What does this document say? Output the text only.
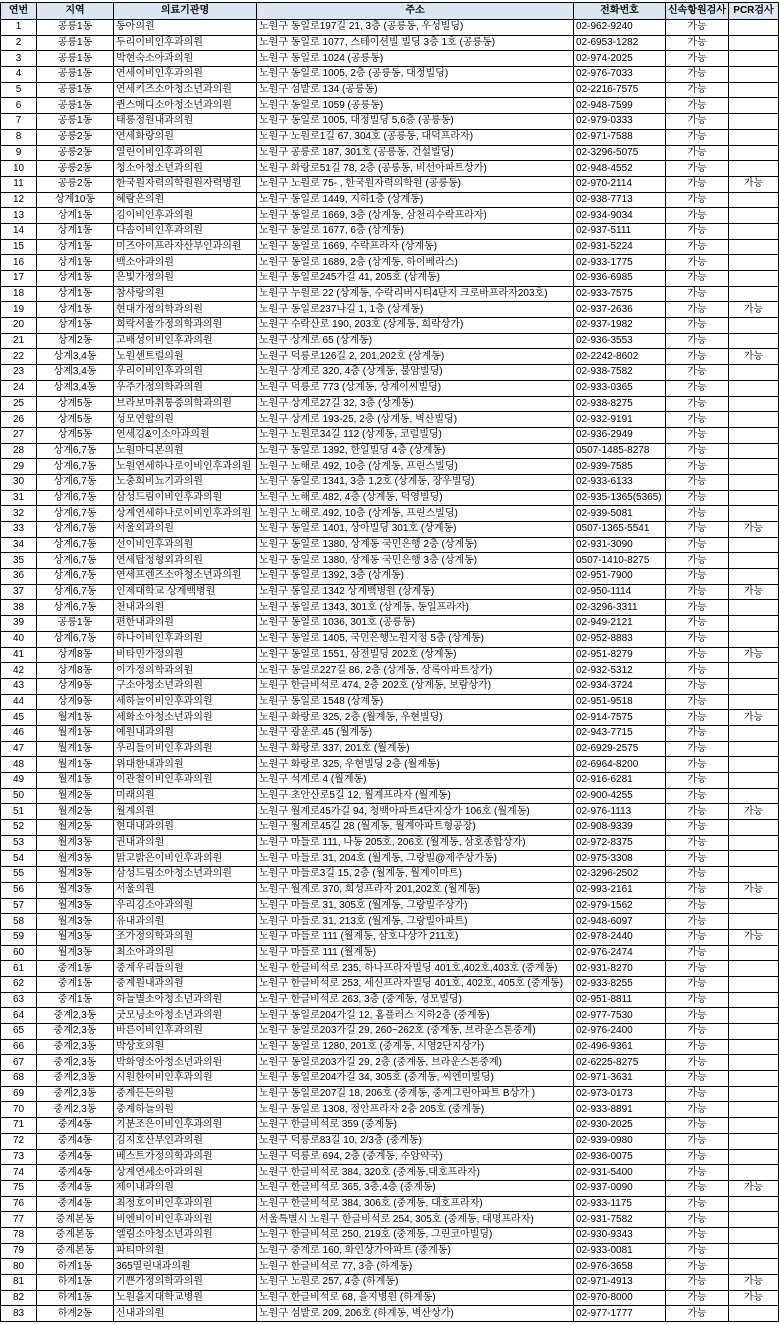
연번	지역	의료기관명	주소	전화번호	신속항원검사	PCR검사
1	공릉1동	동아의원	노원구 동일로197길 21, 3층 (공릉동, 우성빌딩)	02-962-9240	가능	
2	공릉1동	두리이비인후과의원	노원구 동일로 1077, 스테이션빌 빌딩 3층 1호 (공릉동)	02-6953-1282	가능	
3	공릉1동	박현숙소아과의원	노원구 동일로 1024 (공릉동)	02-974-2025	가능	
4	공릉1동	연세이비인후과의원	노원구 동일로 1005, 2층 (공릉동, 대정빌딩)	02-976-7033	가능	
5	공릉1동	연세키즈소아청소년과의원	노원구 섬밭로 134 (공릉동)	02-2216-7575	가능	
6	공릉1동	퀸스메디소아청소년과의원	노원구 동일로 1059 (공릉동)	02-948-7599	가능	
7	공릉1동	태릉정원내과의원	노원구 동일로 1005, 대정빌딩 5,6층 (공릉동)	02-979-0333	가능	
8	공릉2동	연세화랑의원	노원구 노원로1길 67, 304호 (공릉동, 대덕프라자)	02-971-7588	가능	
9	공릉2동	열린이비인후과의원	노원구 공릉로 187, 301호 (공릉동, 건설빌딩)	02-3296-5075	가능	
10	공릉2동	청소아청소년과의원	노원구 화랑로51길 78, 2층 (공릉동, 비선아파트상가)	02-948-4552	가능	
11	공릉2동	한국원자력의학원원자력병원	노원구 노원로 75- , 한국원자력의학원 (공릉동)	02-970-2114	가능	가능
12	상계10동	혜람은의원	노원구 동일로 1449, 지하1층 (상계동)	02-938-7713	가능	
13	상계1동	김이비인후과의원	노원구 동일로 1669, 3층 (상계동, 삼천리수락프라자)	02-934-9034	가능	
14	상계1동	다솜이비인후과의원	노원구 동일로 1677, 6층 (상계동)	02-937-5111	가능	
15	상계1동	미즈아이프라자산부인과의원	노원구 동일로 1669, 수락프라자 (상계동)	02-931-5224	가능	
16	상계1동	백소아과의원	노원구 동일로 1689, 2층 (상계동, 하이베라스)	02-933-1775	가능	
17	상계1동	은빛가정의원	노원구 동일로245가길 41, 205호 (상계동)	02-936-6985	가능	
18	상계1동	참사랑의원	노원구 누원로 22 (상계동, 수락리버시티4단지 크로바프라자203호)	02-933-7575	가능	
19	상계1동	현대가정의학과의원	노원구 동일로237나길 1, 1층 (상계동)	02-937-2636	가능	가능
20	상계1동	희락서울가정의학과의원	노원구 수락산로 190, 203호 (상계동, 희락상가)	02-937-1982	가능	
21	상계2동	고배성이비인후과의원	노원구 상계로 65 (상계동)	02-936-3553	가능	
22	상계3,4동	노원센트럴의원	노원구 덕릉로126길 2, 201,202호 (상계동)	02-2242-8602	가능	가능
23	상계3,4동	우리이비인후과의원	노원구 상계로 320, 4층 (상계동, 불암빌딩)	02-938-7582	가능	
24	상계3,4동	우주가정의학과의원	노원구 덕릉로 773 (상계동, 상계이씨빌딩)	02-933-0365	가능	
25	상계5동	브라보마취통증의학과의원	노원구 상계로27길 32, 3층 (상계동)	02-938-8275	가능	
26	상계5동	성모연합의원	노원구 상계로 193-25, 2층 (상계동, 벽산빌딩)	02-932-9191	가능	
27	상계5동	연세김&이소아과의원	노원구 노원로34길 112 (상계동, 코럴빌딩)	02-936-2949	가능	
28	상계6,7동	노원마디본의원	노원구 동일로 1392, 한일빌딩 4층 (상계동)	0507-1485-8278	가능	
29	상계6,7동	노원연세하나로이비인후과의원	노원구 노해로 492, 10층 (상계동, 프린스빌딩)	02-939-7585	가능	
30	상계6,7동	노충희비뇨기과의원	노원구 동일로 1341, 3층 1,2호 (상계동, 장우빌딩)	02-933-6133	가능	
31	상계6,7동	삼성드림이비인후과의원	노원구 노해로 482, 4층 (상계동, 덕영빌딩)	02-935-1365(5365)	가능	
32	상계6,7동	상계연세하나로이비인후과의원	노원구 노해로 492, 10층 (상계동, 프린스빌딩)	02-939-5081	가능	
33	상계6,7동	서울외과의원	노원구 동일로 1401, 상아빌딩 301호 (상계동)	0507-1365-5541	가능	가능
34	상계6,7동	선이비인후과의원	노원구 동일로 1380, 상계동 국민은행 2층 (상계동)	02-931-3090	가능	
35	상계6,7동	연세탑정형외과의원	노원구 동일로 1380, 상계동 국민은행 3층 (상계동)	0507-1410-8275	가능	
36	상계6,7동	연세프렌즈소아청소년과의원	노원구 동일로 1392, 3층 (상계동)	02-951-7900	가능	
37	상계6,7동	인제대학교 상계백병원	노원구 동일로 1342 상계백병원 (상계동)	02-950-1114	가능	가능
38	상계6,7동	천내과의원	노원구 동일로 1343, 301호 (상계동, 동일프라자)	02-3296-3311	가능	
39	공릉1동	편한내과의원	노원구 동일로 1036, 301호 (공릉동)	02-949-2121	가능	
40	상계6,7동	하나이비인후과의원	노원구 동일로 1405, 국민은행노원지점 5층 (상계동)	02-952-8883	가능	
41	상계8동	비타민가정의원	노원구 동일로 1551, 삼전빌딩 202호 (상계동)	02-951-8279	가능	가능
42	상계8동	이가정의학과의원	노원구 동일로227길 86, 2층 (상계동, 상록아파트상가)	02-932-5312	가능	
43	상계9동	구소아청소년과의원	노원구 한글비석로 474, 2층 202호 (상계동, 보람상가)	02-934-3724	가능	
44	상계9동	세하늘이비인후과의원	노원구 동일로 1548 (상계동)	02-951-9518	가능	
45	월계1동	세화소아청소년과의원	노원구 화랑로 325, 2층 (월계동, 우현빌딩)	02-914-7575	가능	가능
46	월계1동	예원내과의원	노원구 광운로 45 (월계동)	02-943-7715	가능	
47	월계1동	우리들이비인후과의원	노원구 화랑로 337, 201호 (월계동)	02-6929-2575	가능	
48	월계1동	위대한내과의원	노원구 화랑로 325, 우현빌딩 2층 (월계동)	02-6964-8200	가능	
49	월계1동	이관철이비인후과의원	노원구 석계로 4 (월계동)	02-916-6281	가능	
50	월계2동	미래의원	노원구 초안산로5길 12, 월계프라자 (월계동)	02-900-4255	가능	
51	월계2동	월계의원	노원구 월계로45가길 94, 청백아파트4단지상가 106호 (월계동)	02-976-1113	가능	가능
52	월계2동	현대내과의원	노원구 월계로45길 28 (월계동, 월계아파트형공장)	02-908-9339	가능	
53	월계3동	권내과의원	노원구 마들로 111, 나동 205호, 206호 (월계동, 삼호종합상가)	02-972-8375	가능	
54	월계3동	맑고밝은이비인후과의원	노원구 마들로 31, 204호 (월계동, 그랑빌@제주상가동)	02-975-3308	가능	
55	월계3동	삼성드림소아청소년과의원	노원구 마들로3길 15, 2층 (월계동, 월계이마트)	02-3296-2502	가능	
56	월계3동	서울의원	노원구 월계로 370, 희성프라자 201,202호 (월계동)	02-993-2161	가능	가능
57	월계3동	우리김소아과의원	노원구 마들로 31, 305호 (월계동, 그랑빌주상가)	02-979-1562	가능	
58	월계3동	유내과의원	노원구 마들로 31, 213호 (월계동, 그랑빌아파트)	02-948-6097	가능	
59	월계3동	조가정의학과의원	노원구 마들로 111 (월계동, 삼호나상가 211호)	02-978-2440	가능	가능
60	월계3동	최소아과의원	노원구 마들로 111 (월계동)	02-976-2474	가능	
61	중계1동	중계우리들의원	노원구 한글비석로 235, 하나프라자빌딩 401호,402호,403호 (중계동)	02-931-8270	가능	
62	중계1동	중계원내과의원	노원구 한글비석로 253, 세신프라자빌딩 401호, 402호, 405호 (중계동)	02-933-8255	가능	
63	중계1동	하늘별소아청소년과의원	노원구 한글비석로 263, 3층 (중계동, 성모빌딩)	02-951-8811	가능	
64	중계2,3동	굿모닝소아청소년과의원	노원구 동일로204가길 12, 홈플러스 지하2층 (중계동)	02-977-7530	가능	
65	중계2,3동	바른이비인후과의원	노원구 동일로203가길 29, 260~262호 (중계동, 브라운스톤중계)	02-976-2400	가능	
66	중계2,3동	박상호의원	노원구 동일로 1280, 201호 (중계동, 시영2단지상가)	02-496-9361	가능	
67	중계2,3동	박화영소아청소년과의원	노원구 동일로203가길 29, 2층 (중계동, 브라운스톤중계)	02-6225-8275	가능	
68	중계2,3동	시원한이비인후과의원	노원구 동일로204가길 34, 305호 (중계동, 씨엔미빌딩)	02-971-3631	가능	
69	중계2,3동	중계든든의원	노원구 동일로207길 18, 206호 (중계동, 중계그린아파트 B상가 )	02-973-0173	가능	
70	중계2,3동	중계하늘의원	노원구 동일로 1308, 정안프라자 2층 205호 (중계동)	02-933-8891	가능	
71	중계4동	기분조은이비인후과의원	노원구 한글비석로 359 (중계동)	02-930-2025	가능	
72	중계4동	김지호산부인과의원	노원구 덕릉로83길 10, 2/3층 (중계동)	02-939-0980	가능	
73	중계4동	베스트가정의학과의원	노원구 덕릉로 694, 2층 (중계동, 수암약국)	02-936-0075	가능	
74	중계4동	상계연세소아과의원	노원구 한글비석로 384, 320호 (중계동,대호프라자)	02-931-5400	가능	
75	중계4동	제이내과의원	노원구 한글비석로 365, 3층,4층 (중계동)	02-937-0090	가능	가능
76	중계4동	최정호이비인후과의원	노원구 한글비석로 384, 306호 (중계동, 대호프라자)	02-933-1175	가능	
77	중계본동	비엔비이비인후과의원	서울특별시 노원구 한글비석로 254, 305호 (중계동, 대명프라자)	02-931-7582	가능	
78	중계본동	엘림소아청소년과의원	노원구 한글비석로 250, 219호 (중계동, 그린코아빌딩)	02-930-9343	가능	
79	중계본동	파티마의원	노원구 중계로 160, 화인상가아파트 (중계동)	02-933-0081	가능	
80	하계1동	365열린내과의원	노원구 한글비석로 77, 3층 (하계동)	02-976-3658	가능	
81	하계1동	기쁜가정의학과의원	노원구 노원로 257, 4층 (하계동)	02-971-4913	가능	가능
82	하계1동	노원을지대학교병원	노원구 한글비석로 68, 을지병원 (하계동)	02-970-8000	가능	가능
83	하계2동	신내과의원	노원구 섬밭로 209, 206호 (하계동, 벽산상가)	02-977-1777	가능	
